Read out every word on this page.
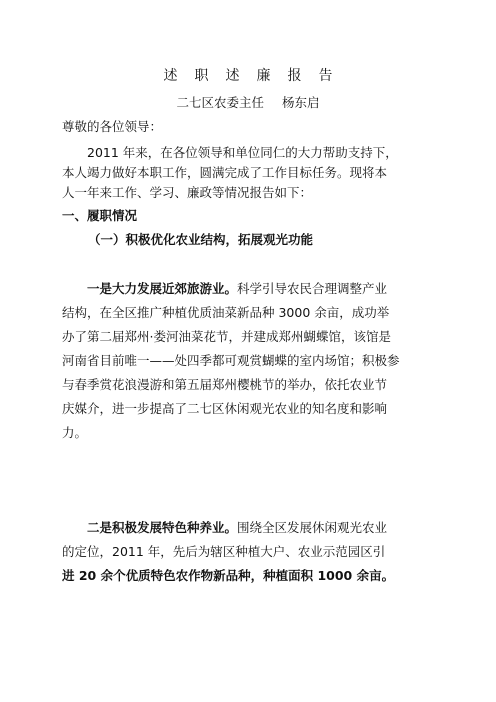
述职述廉报告
二七区农委主任 杨东启
尊敬的各位领导：
2011 年来，在各位领导和单位同仁的大力帮助支持下，
本人竭力做好本职工作，圆满完成了工作目标任务。现将本
人一年来工作、学习、廉政等情况报告如下：
一、履职情况
（一）积极优化农业结构，拓展观光功能
一是大力发展近郊旅游业。科学引导农民合理调整产业
结构，在全区推广种植优质油菜新品种 3000 余亩，成功举
办了第二届郑州·娄河油菜花节，并建成郑州蝴蝶馆，该馆是
河南省目前唯一——处四季都可观赏蝴蝶的室内场馆；积极参
与春季赏花浪漫游和第五届郑州樱桃节的举办，依托农业节
庆媒介，进一步提高了二七区休闲观光农业的知名度和影响
力。
二是积极发展特色种养业。围绕全区发展休闲观光农业
的定位，2011 年，先后为辖区种植大户、农业示范园区引
进 20 余个优质特色农作物新品种，种植面积 1000 余亩。
